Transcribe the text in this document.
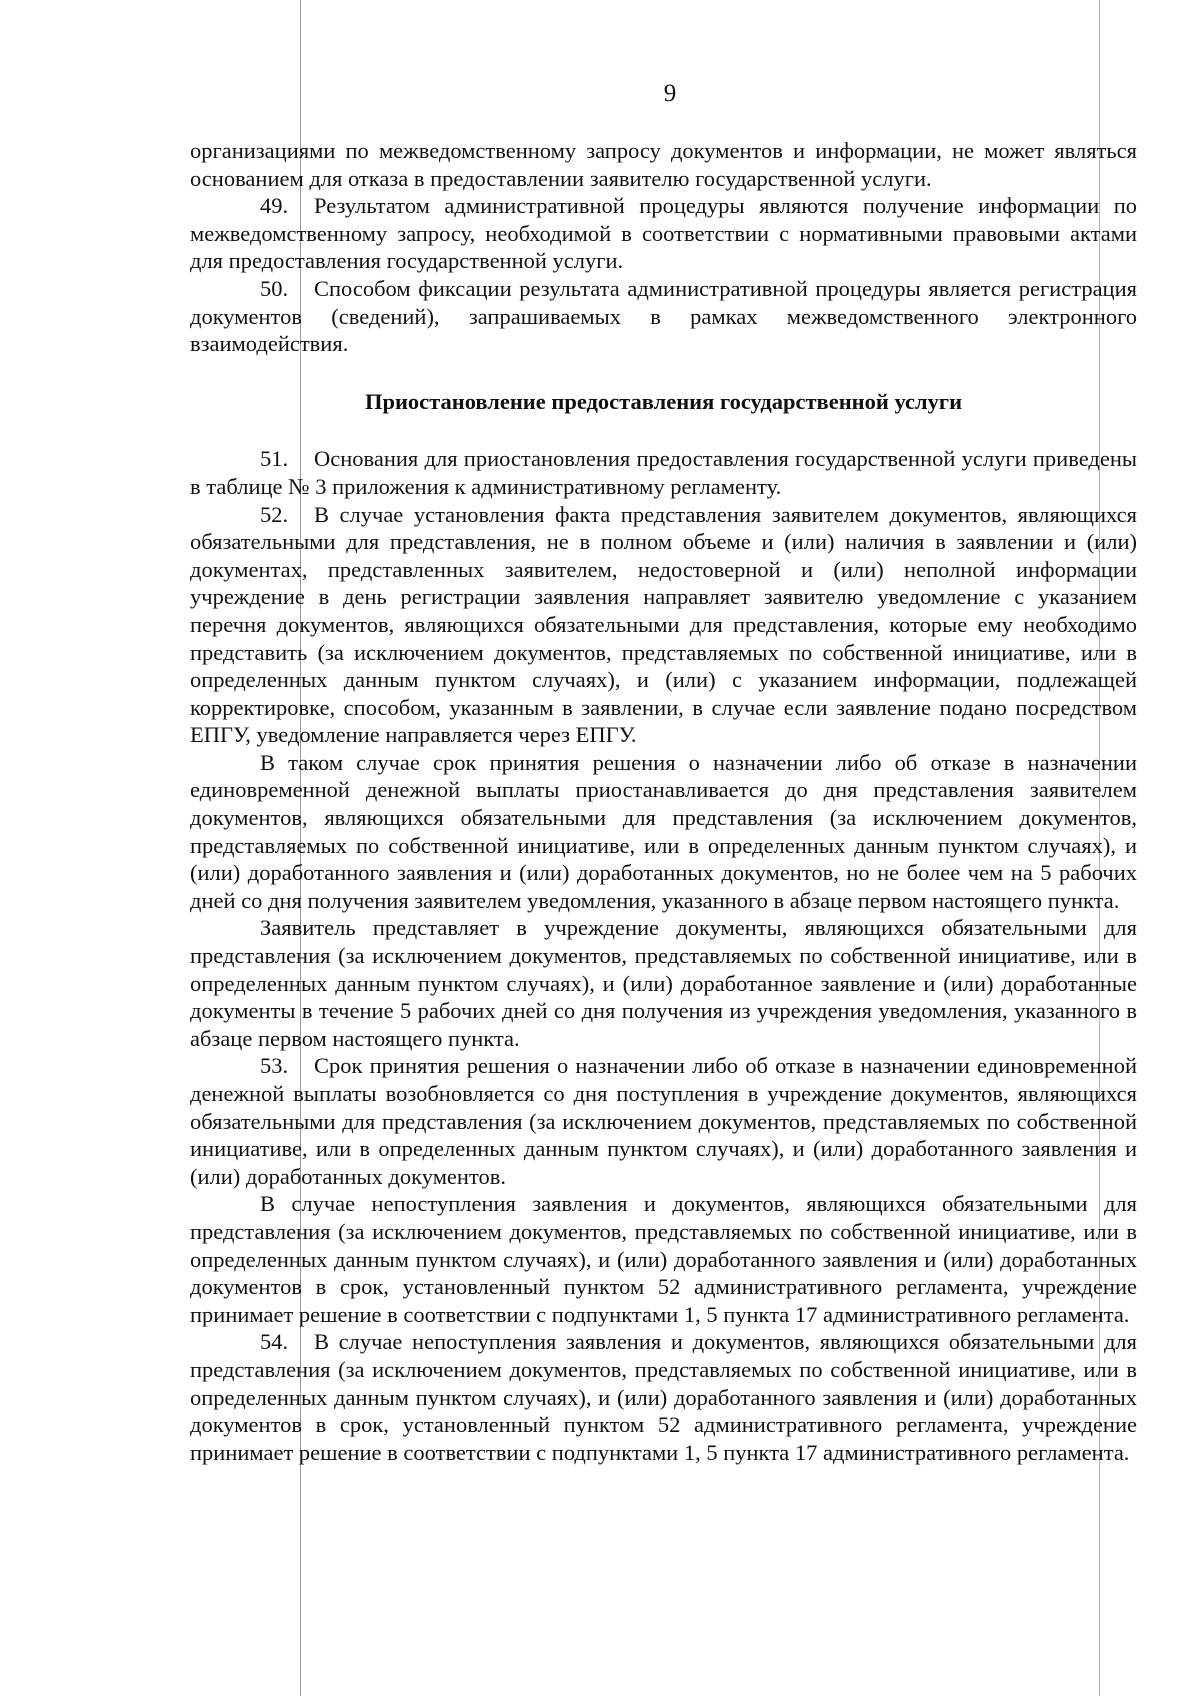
9

организациями по межведомственному запросу документов и информации, не может являться основанием для отказа в предоставлении заявителю государственной услуги.

49. Результатом административной процедуры являются получение информации по межведомственному запросу, необходимой в соответствии с нормативными правовыми актами для предоставления государственной услуги.

50. Способом фиксации результата административной процедуры является регистрация документов (сведений), запрашиваемых в рамках межведомственного электронного взаимодействия.

Приостановление предоставления государственной услуги

51. Основания для приостановления предоставления государственной услуги приведены в таблице № 3 приложения к административному регламенту.

52. В случае установления факта представления заявителем документов, являющихся обязательными для представления, не в полном объеме и (или) наличия в заявлении и (или) документах, представленных заявителем, недостоверной и (или) неполной информации учреждение в день регистрации заявления направляет заявителю уведомление с указанием перечня документов, являющихся обязательными для представления, которые ему необходимо представить (за исключением документов, представляемых по собственной инициативе, или в определенных данным пунктом случаях), и (или) с указанием информации, подлежащей корректировке, способом, указанным в заявлении, в случае если заявление подано посредством ЕПГУ, уведомление направляется через ЕПГУ.

В таком случае срок принятия решения о назначении либо об отказе в назначении единовременной денежной выплаты приостанавливается до дня представления заявителем документов, являющихся обязательными для представления (за исключением документов, представляемых по собственной инициативе, или в определенных данным пунктом случаях), и (или) доработанного заявления и (или) доработанных документов, но не более чем на 5 рабочих дней со дня получения заявителем уведомления, указанного в абзаце первом настоящего пункта.

Заявитель представляет в учреждение документы, являющихся обязательными для представления (за исключением документов, представляемых по собственной инициативе, или в определенных данным пунктом случаях), и (или) доработанное заявление и (или) доработанные документы в течение 5 рабочих дней со дня получения из учреждения уведомления, указанного в абзаце первом настоящего пункта.

53. Срок принятия решения о назначении либо об отказе в назначении единовременной денежной выплаты возобновляется со дня поступления в учреждение документов, являющихся обязательными для представления (за исключением документов, представляемых по собственной инициативе, или в определенных данным пунктом случаях), и (или) доработанного заявления и (или) доработанных документов.

В случае непоступления заявления и документов, являющихся обязательными для представления (за исключением документов, представляемых по собственной инициативе, или в определенных данным пунктом случаях), и (или) доработанного заявления и (или) доработанных документов в срок, установленный пунктом 52 административного регламента, учреждение принимает решение в соответствии с подпунктами 1, 5 пункта 17 административного регламента.

54. В случае непоступления заявления и документов, являющихся обязательными для представления (за исключением документов, представляемых по собственной инициативе, или в определенных данным пунктом случаях), и (или) доработанного заявления и (или) доработанных документов в срок, установленный пунктом 52 административного регламента, учреждение принимает решение в соответствии с подпунктами 1, 5 пункта 17 административного регламента.
